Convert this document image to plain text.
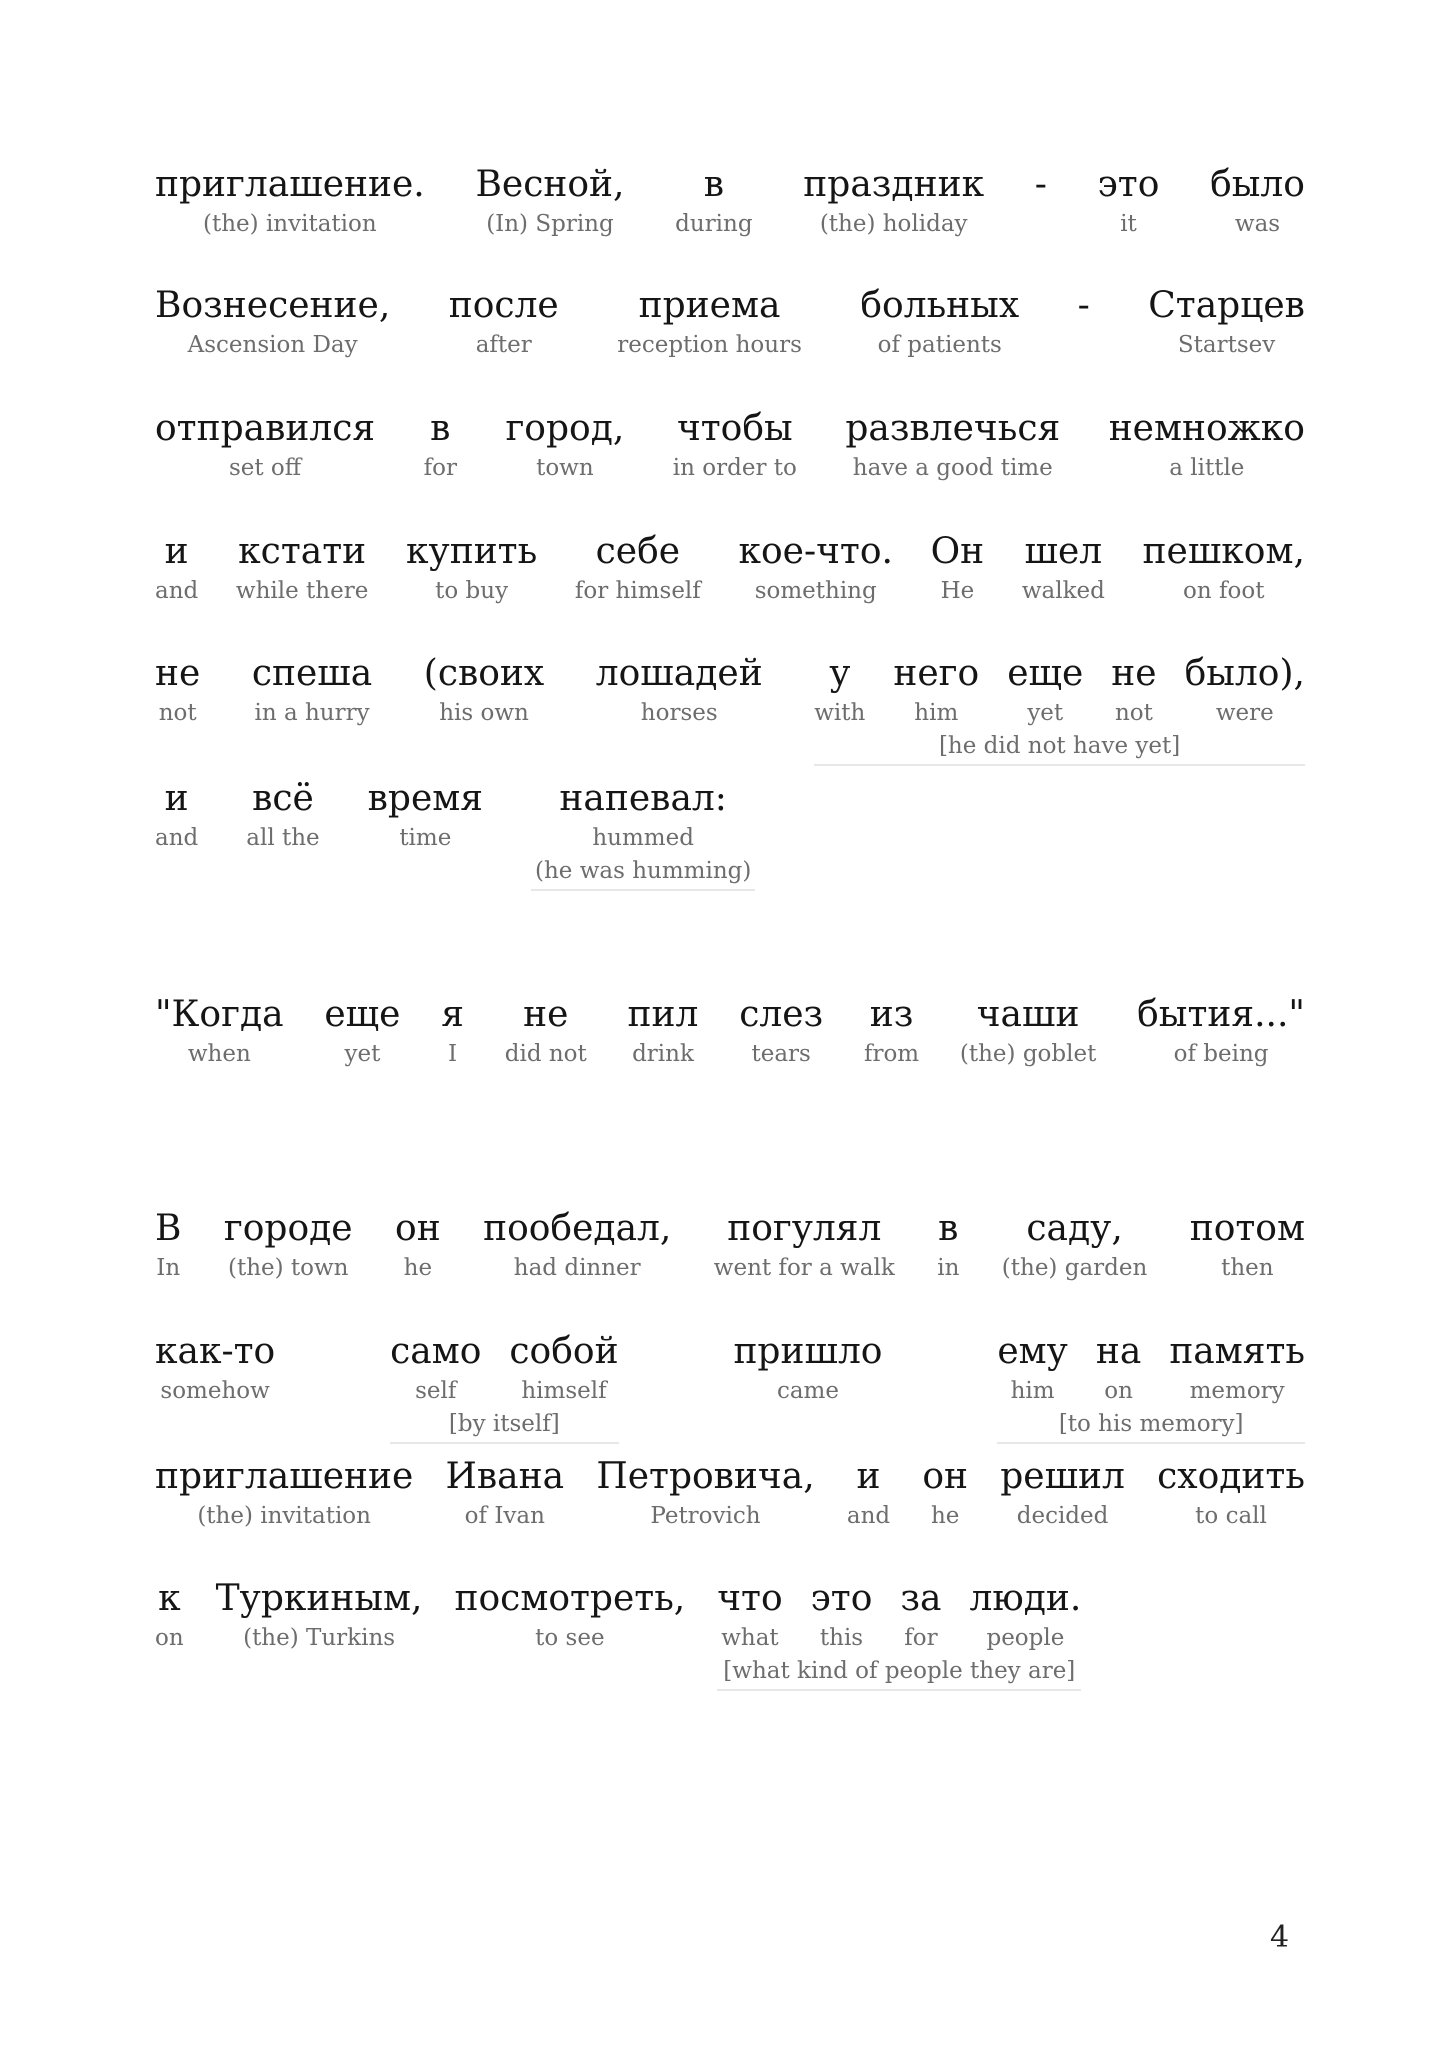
приглашение.
(the) invitation
Весной,
(In) Spring
в
during
праздник
(the) holiday
- это
it
было
was
Вознесение,
Ascension Day
после
after
приема
reception hours
больных
of patients
- Старцев
Startsev
отправился
set off
в
for
город,
town
чтобы
in order to
развлечься
have a good time
немножко
a little
и
and
кстати
while there
купить
to buy
себе
for himself
кое-что.
something
Он
He
шел
walked
пешком,
on foot
не
not
спеша
in a hurry
(своих
his own
лошадей
horses
у
with
него
him
еще
yet
не
not
было),
were
[he did not have yet]
и
and
всё
all the
время
time
напевал:
hummed
(he was humming)
"Когда
when
еще
yet
я
I
не
did not
пил
drink
слез
tears
из
from
чаши
(the) goblet
бытия..."
of being
В
In
городе
(the) town
он
he
пообедал,
had dinner
погулял
went for a walk
в
in
саду,
(the) garden
потом
then
как-то
somehow
само
self
собой
himself
[by itself]
пришло
came
ему
him
на
on
память
memory
[to his memory]
приглашение
(the) invitation
Ивана
of Ivan
Петровича,
Petrovich
и
and
он
he
решил
decided
сходить
to call
к
on
Туркиным,
(the) Turkins
посмотреть,
to see
что
what
это
this
за
for
люди.
people
[what kind of people they are]
4
